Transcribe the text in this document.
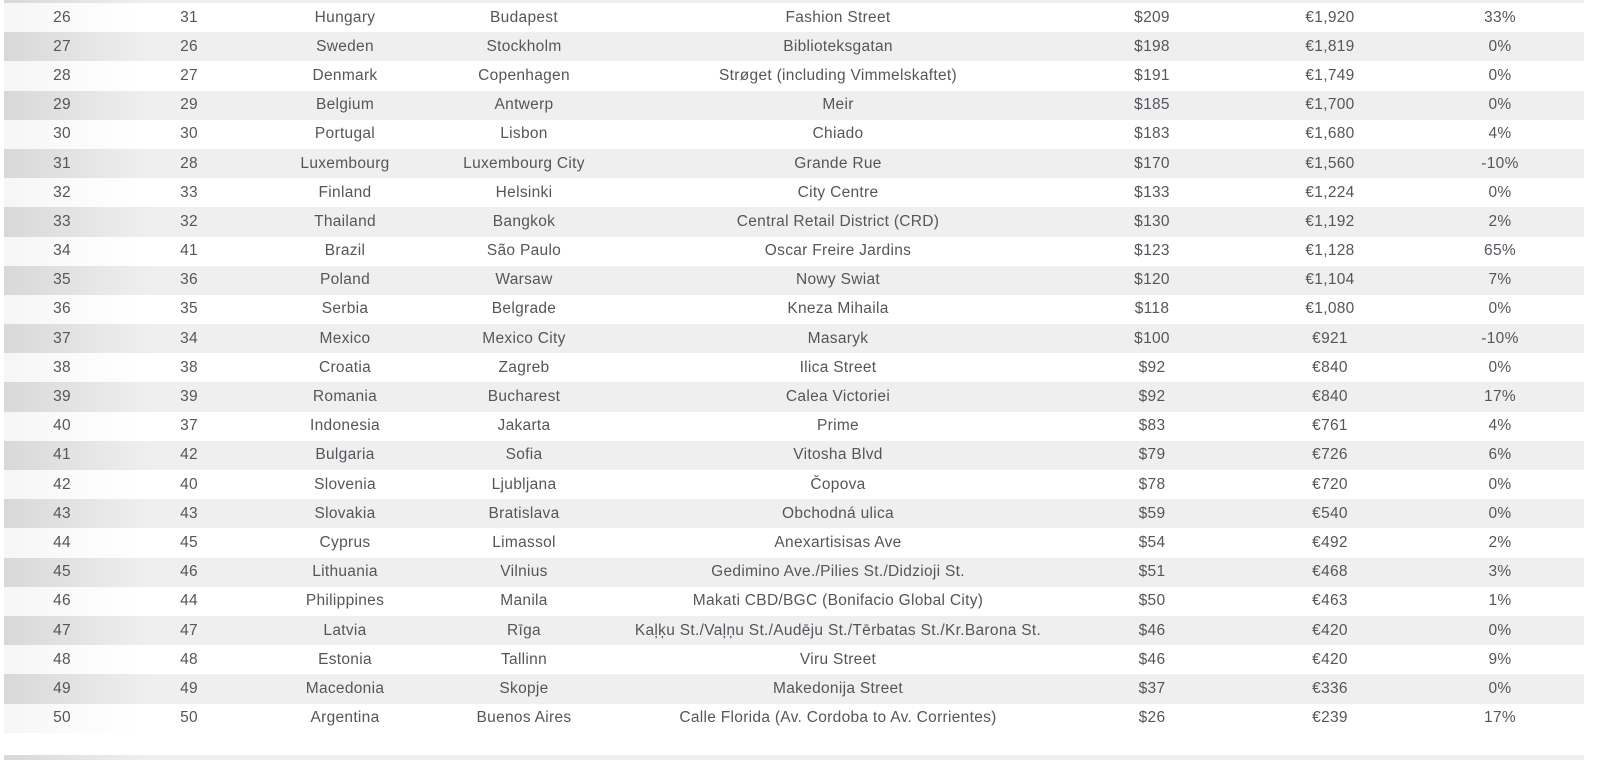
26	31	Hungary	Budapest	Fashion Street	$209	€1,920	33%
27	26	Sweden	Stockholm	Biblioteksgatan	$198	€1,819	0%
28	27	Denmark	Copenhagen	Strøget (including Vimmelskaftet)	$191	€1,749	0%
29	29	Belgium	Antwerp	Meir	$185	€1,700	0%
30	30	Portugal	Lisbon	Chiado	$183	€1,680	4%
31	28	Luxembourg	Luxembourg City	Grande Rue	$170	€1,560	-10%
32	33	Finland	Helsinki	City Centre	$133	€1,224	0%
33	32	Thailand	Bangkok	Central Retail District (CRD)	$130	€1,192	2%
34	41	Brazil	São Paulo	Oscar Freire Jardins	$123	€1,128	65%
35	36	Poland	Warsaw	Nowy Swiat	$120	€1,104	7%
36	35	Serbia	Belgrade	Kneza Mihaila	$118	€1,080	0%
37	34	Mexico	Mexico City	Masaryk	$100	€921	-10%
38	38	Croatia	Zagreb	Ilica Street	$92	€840	0%
39	39	Romania	Bucharest	Calea Victoriei	$92	€840	17%
40	37	Indonesia	Jakarta	Prime	$83	€761	4%
41	42	Bulgaria	Sofia	Vitosha Blvd	$79	€726	6%
42	40	Slovenia	Ljubljana	Čopova	$78	€720	0%
43	43	Slovakia	Bratislava	Obchodná ulica	$59	€540	0%
44	45	Cyprus	Limassol	Anexartisisas Ave	$54	€492	2%
45	46	Lithuania	Vilnius	Gedimino Ave./Pilies St./Didzioji St.	$51	€468	3%
46	44	Philippines	Manila	Makati CBD/BGC (Bonifacio Global City)	$50	€463	1%
47	47	Latvia	Rīga	Kaļķu St./Vaļņu St./Audēju St./Tērbatas St./Kr.Barona St.	$46	€420	0%
48	48	Estonia	Tallinn	Viru Street	$46	€420	9%
49	49	Macedonia	Skopje	Makedonija Street	$37	€336	0%
50	50	Argentina	Buenos Aires	Calle Florida (Av. Cordoba to Av. Corrientes)	$26	€239	17%
